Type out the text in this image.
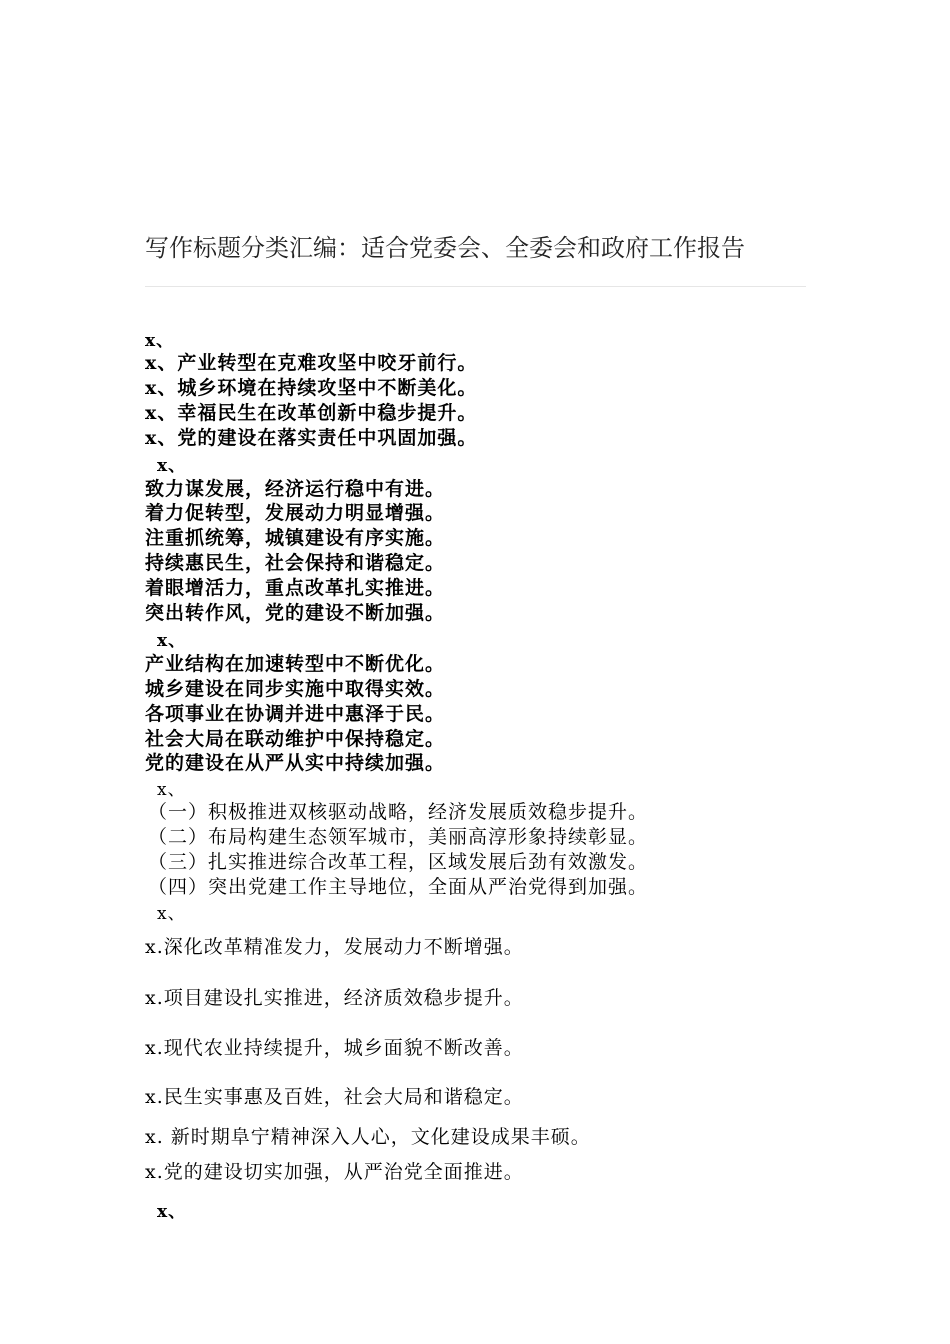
写作标题分类汇编：适合党委会、全委会和政府工作报告
x、
x、产业转型在克难攻坚中咬牙前行。
x、城乡环境在持续攻坚中不断美化。
x、幸福民生在改革创新中稳步提升。
x、党的建设在落实责任中巩固加强。
x、
致力谋发展，经济运行稳中有进。
着力促转型，发展动力明显增强。
注重抓统筹，城镇建设有序实施。
持续惠民生，社会保持和谐稳定。
着眼增活力，重点改革扎实推进。
突出转作风，党的建设不断加强。
x、
产业结构在加速转型中不断优化。
城乡建设在同步实施中取得实效。
各项事业在协调并进中惠泽于民。
社会大局在联动维护中保持稳定。
党的建设在从严从实中持续加强。
x、
（一）积极推进双核驱动战略，经济发展质效稳步提升。
（二）布局构建生态领军城市，美丽高淳形象持续彰显。
（三）扎实推进综合改革工程，区域发展后劲有效激发。
（四）突出党建工作主导地位，全面从严治党得到加强。
x、
x.深化改革精准发力，发展动力不断增强。
x.项目建设扎实推进，经济质效稳步提升。
x.现代农业持续提升，城乡面貌不断改善。
x.民生实事惠及百姓，社会大局和谐稳定。
x. 新时期阜宁精神深入人心，文化建设成果丰硕。
x.党的建设切实加强，从严治党全面推进。
x、
